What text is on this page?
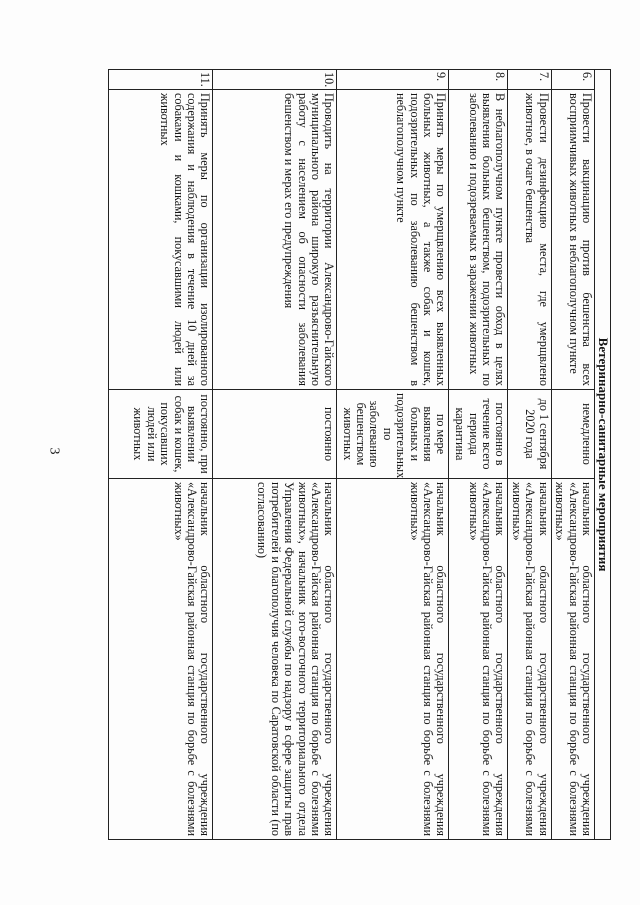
3	Ветеринарно-санитарные мероприятия			
6.	Провести вакцинацию против бешенства всех восприимчивых животных в неблагополучном пункте	немедленно	начальник областного государственного учреждения «Александрово-Гайская районная станция по борьбе с болезнями животных»
7.	Провести дезинфекцию места, где умерщвлено животное, в очаге бешенства	до 1 сентября 2020 года	начальник областного государственного учреждения «Александрово-Гайская районная станция по борьбе с болезнями животных»
8.	В неблагополучном пункте провести обход в целях выявления больных бешенством, подозрительных по заболеванию и подозреваемых в заражении животных	постоянно в течение всего периода карантина	начальник областного государственного учреждения «Александрово-Гайская районная станция по борьбе с болезнями животных»
9.	Принять меры по умерщвлению всех выявленных больных животных, а также собак и кошек, подозрительных по заболеванию бешенством в неблагополучном пункте	по мере выявления больных и подозрительных по заболеванию бешенством животных	начальник областного государственного учреждения «Александрово-Гайская районная станция по борьбе с болезнями животных»
10.	Проводить на территории Александрово-Гайского муниципального района широкую разъяснительную работу с населением об опасности заболевания бешенством и мерах его предупреждения	постоянно	начальник областного государственного учреждения «Александрово-Гайская районная станция по борьбе с болезнями животных», начальник юго-восточного территориального отдела Управления Федеральной службы по надзору в сфере защиты прав потребителей и благополучия человека по Саратовской области (по согласованию)
11.	Принять меры по организации изолированного содержания и наблюдения в течение 10 дней за собаками и кошками, покусавшими людей или животных	постоянно, при выявлении собак и кошек, покусавших людей или животных	начальник областного государственного учреждения «Александрово-Гайская районная станция по борьбе с болезнями животных»
